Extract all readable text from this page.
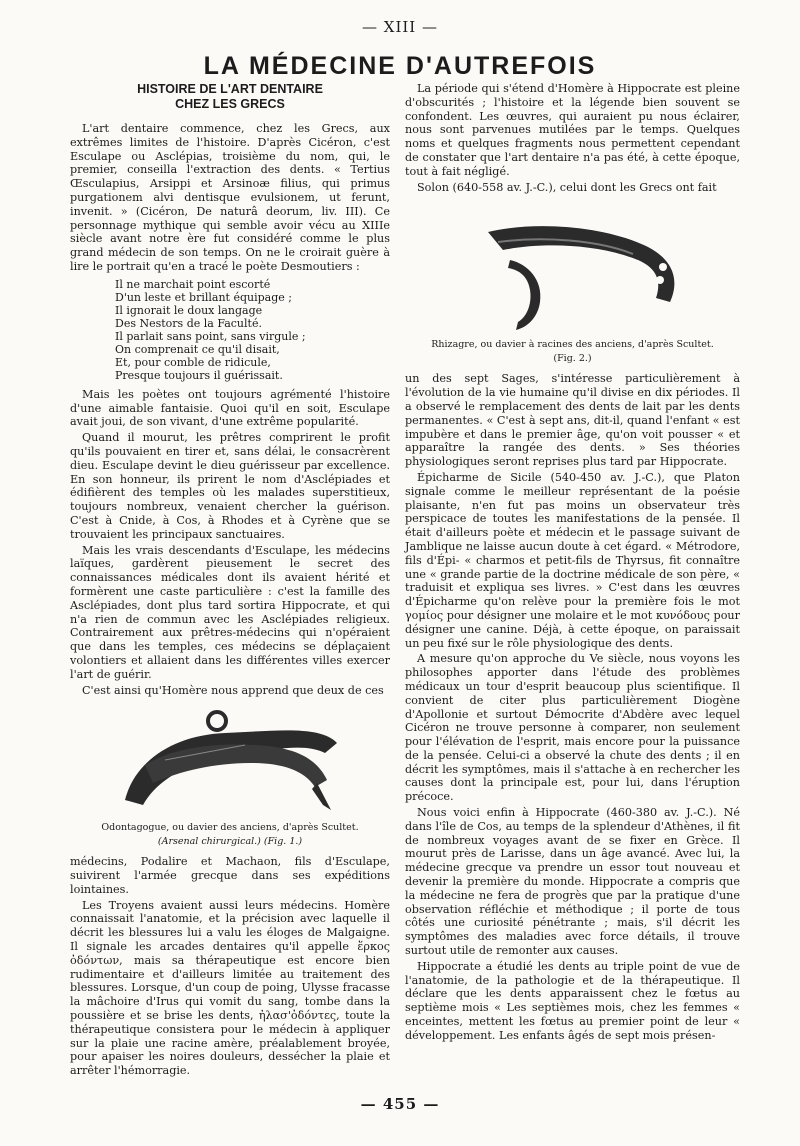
— XIII —
LA MÉDECINE D'AUTREFOIS
HISTOIRE DE L'ART DENTAIRE
CHEZ LES GRECS

L'art dentaire commence, chez les Grecs, aux extrêmes limites de l'histoire. D'après Cicéron, c'est Esculape ou Asclépias, troisième du nom, qui, le premier, conseilla l'extraction des dents. « Tertius Œsculapius, Arsippi et Arsinoæ filius, qui primus purgationem alvi dentisque evulsionem, ut ferunt, invenit. » (Cicéron, De naturâ deorum, liv. III). Ce personnage mythique qui semble avoir vécu au XIIIe siècle avant notre ère fut considéré comme le plus grand médecin de son temps. On ne le croirait guère à lire le portrait qu'en a tracé le poète Desmoutiers :

Il ne marchait point escorté
D'un leste et brillant équipage ;
Il ignorait le doux langage
Des Nestors de la Faculté.
Il parlait sans point, sans virgule ;
On comprenait ce qu'il disait,
Et, pour comble de ridicule,
Presque toujours il guérissait.

Mais les poètes ont toujours agrémenté l'histoire d'une aimable fantaisie. Quoi qu'il en soit, Esculape avait joui, de son vivant, d'une extrême popularité.

Quand il mourut, les prêtres comprirent le profit qu'ils pouvaient en tirer et, sans délai, le consacrèrent dieu. Esculape devint le dieu guérisseur par excellence. En son honneur, ils prirent le nom d'Asclépiades et édifièrent des temples où les malades superstitieux, toujours nombreux, venaient chercher la guérison. C'est à Cnide, à Cos, à Rhodes et à Cyrène que se trouvaient les principaux sanctuaires.

Mais les vrais descendants d'Esculape, les médecins laïques, gardèrent pieusement le secret des connaissances médicales dont ils avaient hérité et formèrent une caste particulière : c'est la famille des Asclépiades, dont plus tard sortira Hippocrate, et qui n'a rien de commun avec les Asclépiades religieux. Contrairement aux prêtres-médecins qui n'opéraient que dans les temples, ces médecins se déplaçaient volontiers et allaient dans les différentes villes exercer l'art de guérir.

C'est ainsi qu'Homère nous apprend que deux de ces

Odontagogue, ou davier des anciens, d'après Scultet.
(Arsenal chirurgical.) (Fig. 1.)

médecins, Podalire et Machaon, fils d'Esculape, suivirent l'armée grecque dans ses expéditions lointaines.

Les Troyens avaient aussi leurs médecins. Homère connaissait l'anatomie, et la précision avec laquelle il décrit les blessures lui a valu les éloges de Malgaigne. Il signale les arcades dentaires qu'il appelle ἕρκος ὀδόντων, mais sa thérapeutique est encore bien rudimentaire et d'ailleurs limitée au traitement des blessures. Lorsque, d'un coup de poing, Ulysse fracasse la mâchoire d'Irus qui vomit du sang, tombe dans la poussière et se brise les dents, ἠλασ'ὀδόντες, toute la thérapeutique consistera pour le médecin à appliquer sur la plaie une racine amère, préalablement broyée, pour apaiser les noires douleurs, dessécher la plaie et arrêter l'hémorragie.

La période qui s'étend d'Homère à Hippocrate est pleine d'obscurités ; l'histoire et la légende bien souvent se confondent. Les œuvres, qui auraient pu nous éclairer, nous sont parvenues mutilées par le temps. Quelques noms et quelques fragments nous permettent cependant de constater que l'art dentaire n'a pas été, à cette époque, tout à fait négligé.

Solon (640-558 av. J.-C.), celui dont les Grecs ont fait

Rhizagre, ou davier à racines des anciens, d'après Scultet.
(Fig. 2.)

un des sept Sages, s'intéresse particulièrement à l'évolution de la vie humaine qu'il divise en dix périodes. Il a observé le remplacement des dents de lait par les dents permanentes. « C'est à sept ans, dit-il, quand l'enfant « est impubère et dans le premier âge, qu'on voit pousser « et apparaître la rangée des dents. » Ses théories physiologiques seront reprises plus tard par Hippocrate.

Épicharme de Sicile (540-450 av. J.-C.), que Platon signale comme le meilleur représentant de la poésie plaisante, n'en fut pas moins un observateur très perspicace de toutes les manifestations de la pensée. Il était d'ailleurs poète et médecin et le passage suivant de Jamblique ne laisse aucun doute à cet égard. « Métrodore, fils d'Épi- « charmos et petit-fils de Thyrsus, fit connaître une « grande partie de la doctrine médicale de son père, « traduisit et expliqua ses livres. » C'est dans les œuvres d'Épicharme qu'on relève pour la première fois le mot γομίος pour désigner une molaire et le mot κυνόδους pour désigner une canine. Déjà, à cette époque, on paraissait un peu fixé sur le rôle physiologique des dents.

A mesure qu'on approche du Ve siècle, nous voyons les philosophes apporter dans l'étude des problèmes médicaux un tour d'esprit beaucoup plus scientifique. Il convient de citer plus particulièrement Diogène d'Apollonie et surtout Démocrite d'Abdère avec lequel Cicéron ne trouve personne à comparer, non seulement pour l'élévation de l'esprit, mais encore pour la puissance de la pensée. Celui-ci a observé la chute des dents ; il en décrit les symptômes, mais il s'attache à en rechercher les causes dont la principale est, pour lui, dans l'éruption précoce.

Nous voici enfin à Hippocrate (460-380 av. J.-C.). Né dans l'île de Cos, au temps de la splendeur d'Athènes, il fit de nombreux voyages avant de se fixer en Grèce. Il mourut près de Larisse, dans un âge avancé. Avec lui, la médecine grecque va prendre un essor tout nouveau et devenir la première du monde. Hippocrate a compris que la médecine ne fera de progrès que par la pratique d'une observation réfléchie et méthodique ; il porte de tous côtés une curiosité pénétrante ; mais, s'il décrit les symptômes des maladies avec force détails, il trouve surtout utile de remonter aux causes.

Hippocrate a étudié les dents au triple point de vue de l'anatomie, de la pathologie et de la thérapeutique. Il déclare que les dents apparaissent chez le fœtus au septième mois « Les septièmes mois, chez les femmes « enceintes, mettent les fœtus au premier point de leur « développement. Les enfants âgés de sept mois présen-

— 455 —
